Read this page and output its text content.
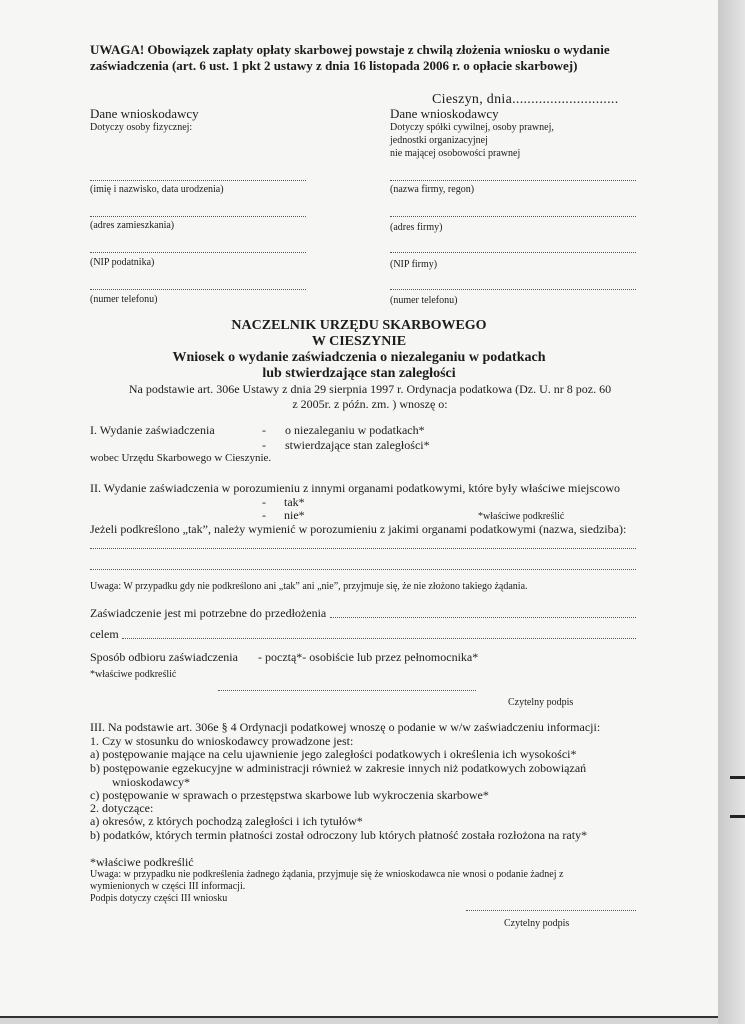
UWAGA! Obowiązek zapłaty opłaty skarbowej powstaje z chwilą złożenia wniosku o wydanie
zaświadczenia (art. 6 ust. 1 pkt 2 ustawy z dnia 16 listopada 2006 r. o opłacie skarbowej)
Cieszyn, dnia............................
Dane wnioskodawcy
Dotyczy osoby fizycznej:
(imię i nazwisko, data urodzenia)
(adres zamieszkania)
(NIP podatnika)
(numer telefonu)
Dane wnioskodawcy
Dotyczy spółki cywilnej, osoby prawnej,
jednostki organizacyjnej
nie mającej osobowości prawnej
(nazwa firmy, regon)
(adres firmy)
(NIP firmy)
(numer telefonu)
NACZELNIK URZĘDU SKARBOWEGO
W CIESZYNIE
Wniosek o wydanie zaświadczenia o niezaleganiu w podatkach
lub stwierdzające stan zaległości
Na podstawie art. 306e Ustawy z dnia 29 sierpnia 1997 r. Ordynacja podatkowa (Dz. U. nr 8 poz. 60
z 2005r. z późn. zm. ) wnoszę o:
I. Wydanie zaświadczenia	- o niezaleganiu w podatkach*
- stwierdzające stan zaległości*
wobec Urzędu Skarbowego w Cieszynie.
II. Wydanie zaświadczenia w porozumieniu z innymi organami podatkowymi, które były właściwe miejscowo
- tak*
- nie*	*właściwe podkreślić
Jeżeli podkreślono „tak”, należy wymienić w porozumieniu z jakimi organami podatkowymi (nazwa, siedziba):
Uwaga: W przypadku gdy nie podkreślono ani „tak” ani „nie”, przyjmuje się, że nie złożono takiego żądania.
Zaświadczenie jest mi potrzebne do przedłożenia
celem
Sposób odbioru zaświadczenia - pocztą*- osobiście lub przez pełnomocnika*
*właściwe podkreślić
Czytelny podpis
III. Na podstawie art. 306e § 4 Ordynacji podatkowej wnoszę o podanie w w/w zaświadczeniu informacji:
1. Czy w stosunku do wnioskodawcy prowadzone jest:
a) postępowanie mające na celu ujawnienie jego zaległości podatkowych i określenia ich wysokości*
b) postępowanie egzekucyjne w administracji również w zakresie innych niż podatkowych zobowiązań
wnioskodawcy*
c) postępowanie w sprawach o przestępstwa skarbowe lub wykroczenia skarbowe*
2. dotyczące:
a) okresów, z których pochodzą zaległości i ich tytułów*
b) podatków, których termin płatności został odroczony lub których płatność została rozłożona na raty*
*właściwe podkreślić
Uwaga: w przypadku nie podkreślenia żadnego żądania, przyjmuje się że wnioskodawca nie wnosi o podanie żadnej z
wymienionych w części III informacji.
Podpis dotyczy części III wniosku
Czytelny podpis
